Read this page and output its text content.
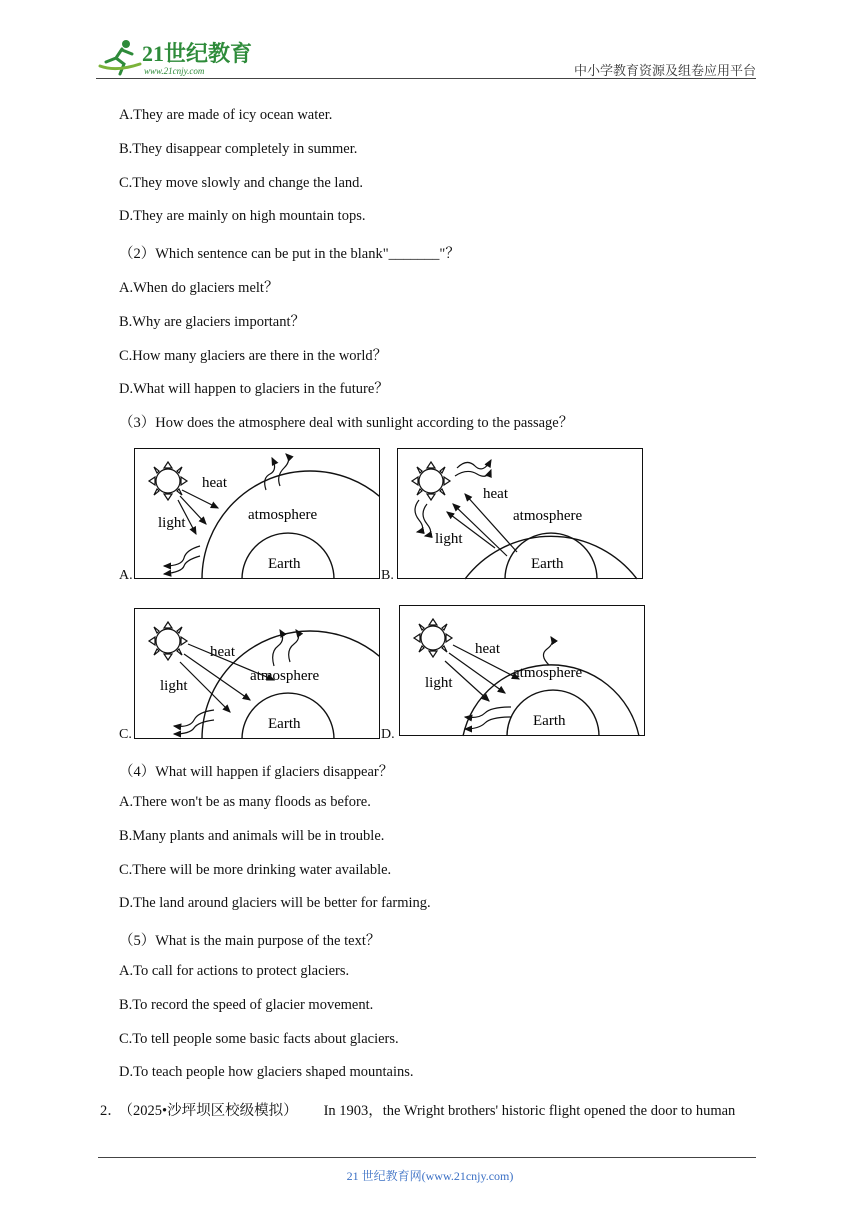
21世纪教育
www.21cnjy.com	中小学教育资源及组卷应用平台
A.They are made of icy ocean water.
B.They disappear completely in summer.
C.They move slowly and change the land.
D.They are mainly on high mountain tops.
（2）Which sentence can be put in the blank"_______"？
A.When do glaciers melt？
B.Why are glaciers important？
C.How many glaciers are there in the world？
D.What will happen to glaciers in the future？
（3）How does the atmosphere deal with sunlight according to the passage？
A.
heat
light	atmosphere
Earth
B.
heat
light
atmosphere
Earth
C.
heat
light
atmosphere
Earth
D.
heat
light
atmosphere
Earth
（4）What will happen if glaciers disappear？
A.There won't be as many floods as before.
B.Many plants and animals will be in trouble.
C.There will be more drinking water available.
D.The land around glaciers will be better for farming.
（5）What is the main purpose of the text？
A.To call for actions to protect glaciers.
B.To record the speed of glacier movement.
C.To tell people some basic facts about glaciers.
D.To teach people how glaciers shaped mountains.
2． （2025•沙坪坝区校级模拟） In 1903，the Wright brothers' historic flight opened the door to human
21 世纪教育网(www.21cnjy.com)
